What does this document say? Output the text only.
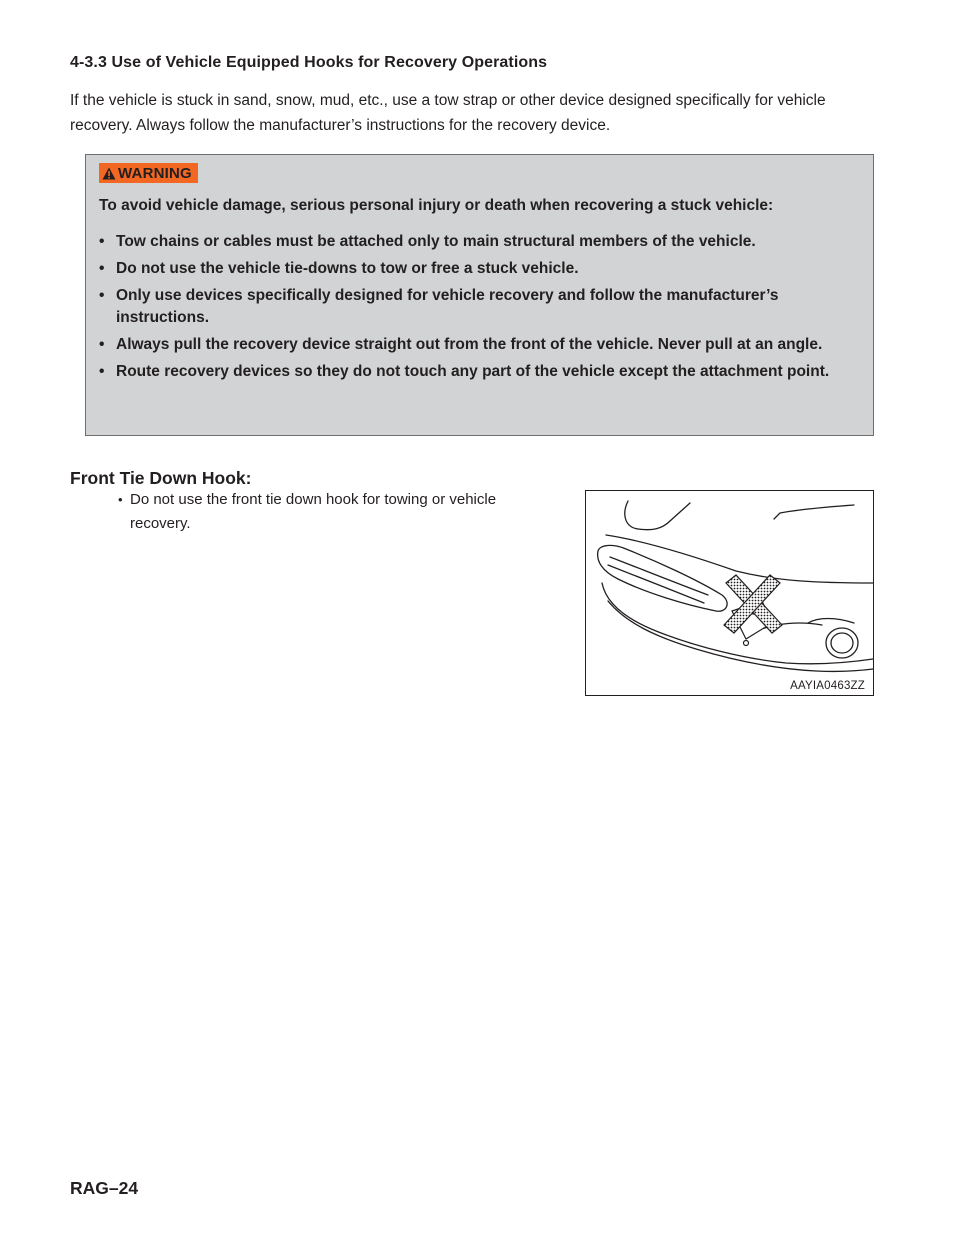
4-3.3 Use of Vehicle Equipped Hooks for Recovery Operations

If the vehicle is stuck in sand, snow, mud, etc., use a tow strap or other device designed specifically for vehicle recovery. Always follow the manufacturer’s instructions for the recovery device.

WARNING

To avoid vehicle damage, serious personal injury or death when recovering a stuck vehicle:

• Tow chains or cables must be attached only to main structural members of the vehicle.
• Do not use the vehicle tie-downs to tow or free a stuck vehicle.
• Only use devices specifically designed for vehicle recovery and follow the manufacturer’s instructions.
• Always pull the recovery device straight out from the front of the vehicle. Never pull at an angle.
• Route recovery devices so they do not touch any part of the vehicle except the attachment point.
Front Tie Down Hook:
• Do not use the front tie down hook for towing or vehicle recovery.
AAYIA0463ZZ

RAG–24
